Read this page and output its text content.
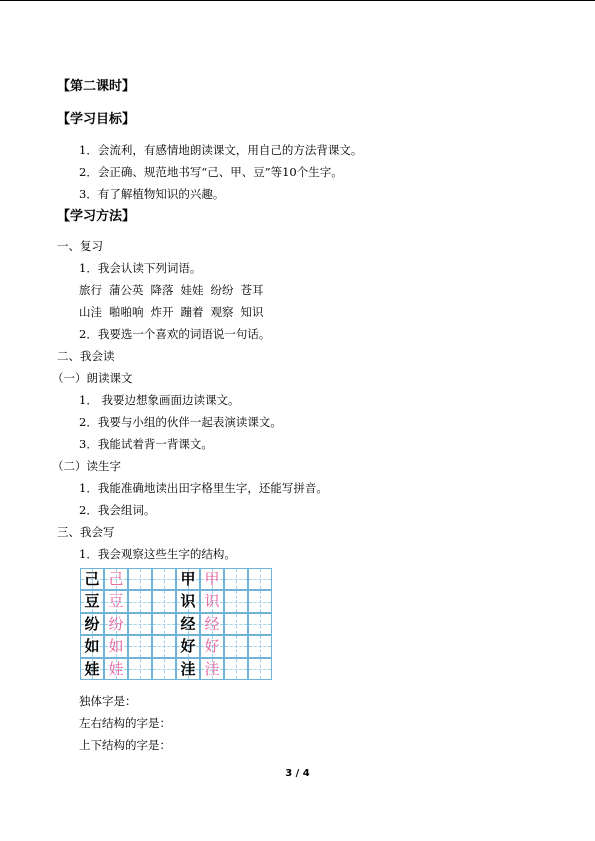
【第二课时】
【学习目标】
1．会流利，有感情地朗读课文，用自己的方法背课文。
2．会正确、规范地书写“己、甲、豆”等10个生字。
3．有了解植物知识的兴趣。
【学习方法】
一、复习
1．我会认读下列词语。
旅行 蒲公英 降落 娃娃 纷纷 苍耳
山洼 啪啪响 炸开 蹦着 观察 知识
2．我要选一个喜欢的词语说一句话。
二、我会读
（一）朗读课文
1． 我要边想象画面边读课文。
2．我要与小组的伙伴一起表演读课文。
3．我能试着背一背课文。
（二）读生字
1．我能准确地读出田字格里生字，还能写拼音。
2．我会组词。
三、我会写
1．我会观察这些生字的结构。
己 己	甲 甲
豆 豆	识 识
纷 纷	经 经
如 如	好 好
娃 娃	洼 洼
独体字是：
左右结构的字是：
上下结构的字是：
3 / 4
